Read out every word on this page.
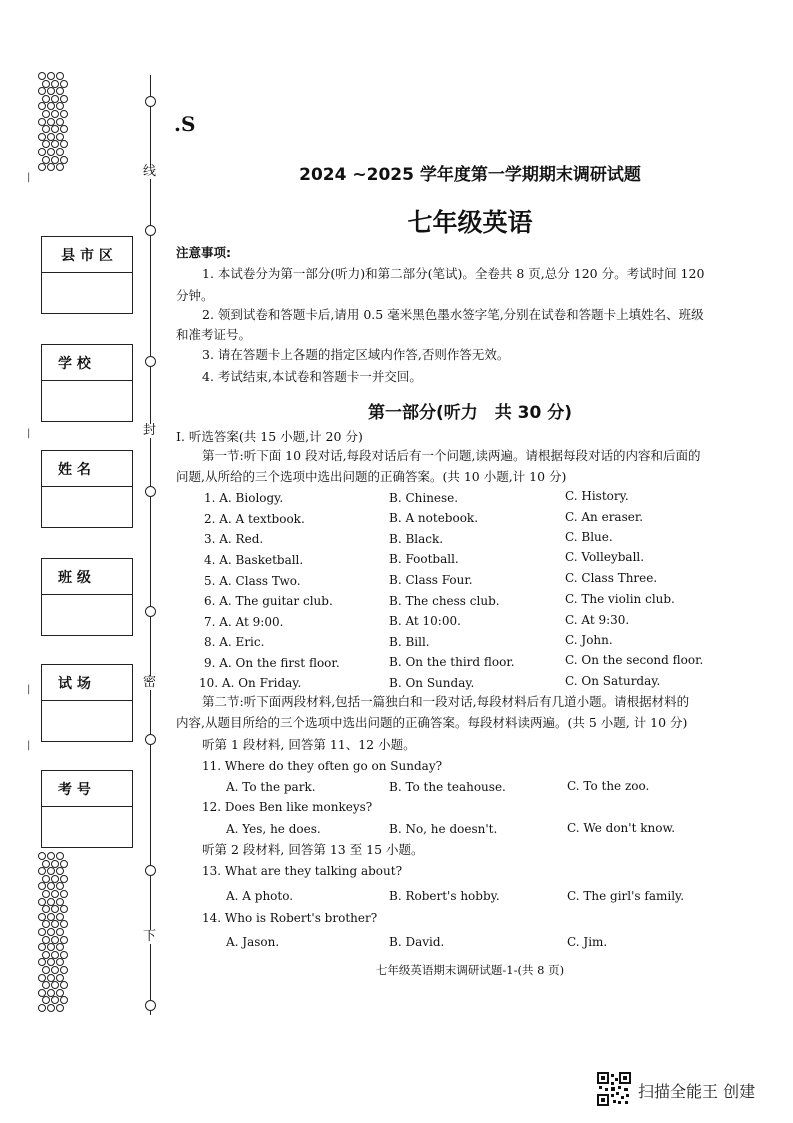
|
|
|
|
线
封
密
下
县 市 区
学 校
姓 名
班 级
试 场
考 号
.S
2024 ~2025 学年度第一学期期末调研试题
七年级英语
注意事项:
1. 本试卷分为第一部分(听力)和第二部分(笔试)。全卷共 8 页,总分 120 分。考试时间 120
分钟。
2. 领到试卷和答题卡后,请用 0.5 毫米黑色墨水签字笔,分别在试卷和答题卡上填姓名、班级
和准考证号。
3. 请在答题卡上各题的指定区域内作答,否则作答无效。
4. 考试结束,本试卷和答题卡一并交回。
第一部分(听力　共 30 分)
Ⅰ. 听选答案(共 15 小题,计 20 分)
第一节:听下面 10 段对话,每段对话后有一个问题,读两遍。请根据每段对话的内容和后面的
问题,从所给的三个选项中选出问题的正确答案。(共 10 小题,计 10 分)
1. A. Biology.	B. Chinese.	C. History.
2. A. A textbook.	B. A notebook.	C. An eraser.
3. A. Red.	B. Black.	C. Blue.
4. A. Basketball.	B. Football.	C. Volleyball.
5. A. Class Two.	B. Class Four.	C. Class Three.
6. A. The guitar club.	B. The chess club.	C. The violin club.
7. A. At 9:00.	B. At 10:00.	C. At 9:30.
8. A. Eric.	B. Bill.	C. John.
9. A. On the first floor.	B. On the third floor.	C. On the second floor.
10. A. On Friday.	B. On Sunday.	C. On Saturday.
第二节:听下面两段材料,包括一篇独白和一段对话,每段材料后有几道小题。请根据材料的
内容,从题目所给的三个选项中选出问题的正确答案。每段材料读两遍。(共 5 小题, 计 10 分)
听第 1 段材料, 回答第 11、12 小题。
11. Where do they often go on Sunday?
A. To the park.	B. To the teahouse.	C. To the zoo.
12. Does Ben like monkeys?
A. Yes, he does.	B. No, he doesn't.	C. We don't know.
听第 2 段材料, 回答第 13 至 15 小题。
13. What are they talking about?
A. A photo.	B. Robert's hobby.	C. The girl's family.
14. Who is Robert's brother?
A. Jason.	B. David.	C. Jim.
七年级英语期末调研试题-1-(共 8 页)
扫描全能王 创建
